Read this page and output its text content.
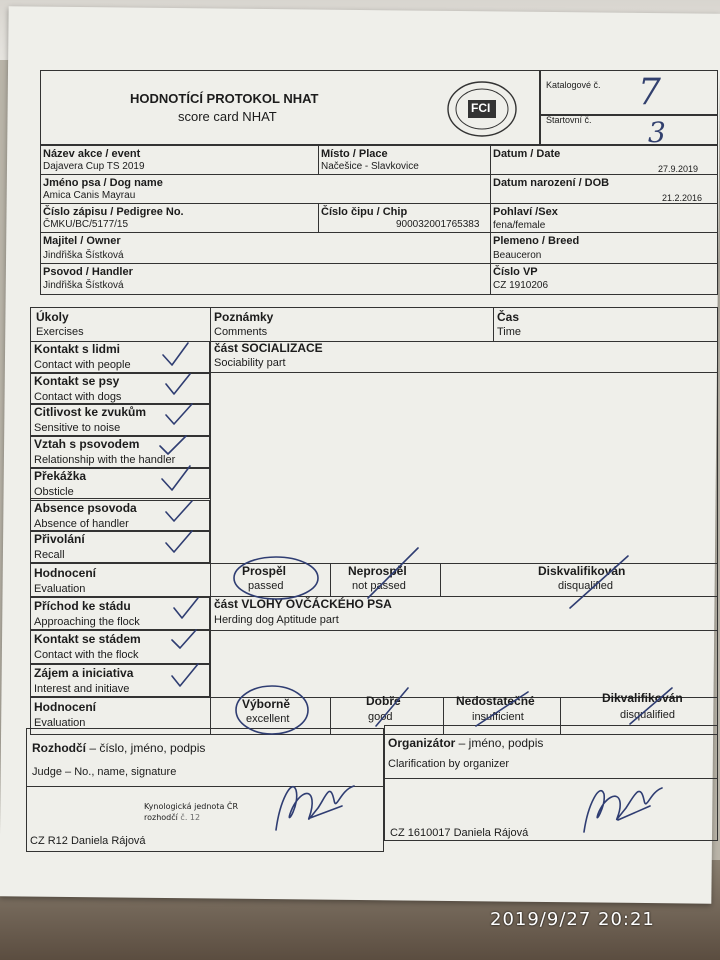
HODNOTÍCÍ PROTOKOL NHAT
score card NHAT
FCI
Katalogové č. 7
Startovní č. 3
Název akce / event
Dajavera Cup TS 2019
Místo / Place
Načešice - Slavkovice
Datum / Date
27.9.2019
Jméno psa / Dog name
Amica Canis Mayrau
Datum narození / DOB
21.2.2016
Číslo zápisu / Pedigree No.
ČMKU/BC/5177/15
Číslo čipu / Chip
900032001765383
Pohlaví /Sex
fena/female
Majitel / Owner
Jindřiška Šístková
Plemeno / Breed
Beauceron
Psovod / Handler
Jindřiška Šístková
Číslo VP
CZ 1910206
Úkoly
Exercises
Poznámky
Comments
Čas
Time
část SOCIALIZACE
Sociability part
Kontakt s lidmi
Contact with people
Kontakt se psy
Contact with dogs
Citlivost ke zvukům
Sensitive to noise
Vztah s psovodem
Relationship with the handler
Překážka
Obsticle
Absence psovoda
Absence of handler
Přivolání
Recall
Hodnocení
Evaluation
Prospěl
passed
Neprospěl
not passed
Diskvalifikován
disqualified
část VLOHY OVČÁCKÉHO PSA
Herding dog Aptitude part
Příchod ke stádu
Approaching the flock
Kontakt se stádem
Contact with the flock
Zájem a iniciativa
Interest and initiave
Hodnocení
Evaluation
Výborně
excellent
Dobře
good
Nedostatečné
insufficient
Dikvalifikován
disqualified
Rozhodčí – číslo, jméno, podpis
Judge – No., name, signature
Organizátor – jméno, podpis
Clarification by organizer
Kynologická jednota ČR
rozhodčí č. 12
CZ R12 Daniela Rájová
CZ 1610017 Daniela Rájová
2019/9/27 20:21
